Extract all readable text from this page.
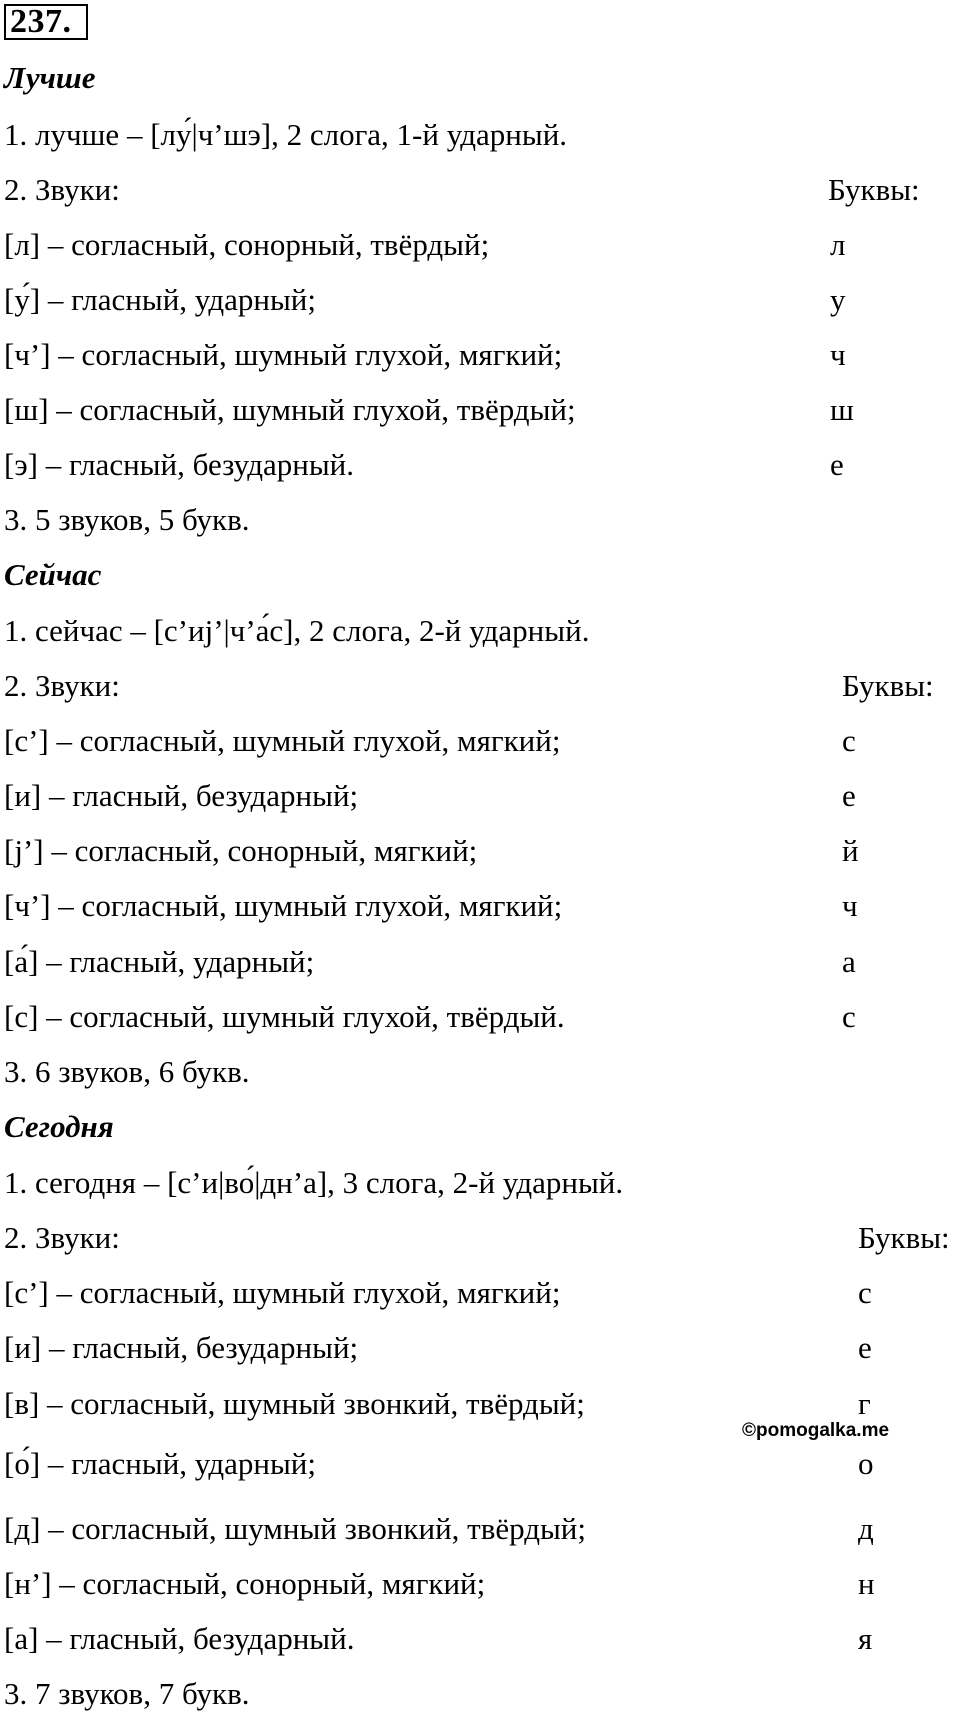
237.
Лучше
1. лучше – [лу́|ч’шэ], 2 слога, 1-й ударный.
2. Звуки:	Буквы:
[л] – согласный, сонорный, твёрдый;	л
[у́] – гласный, ударный;	у
[ч’] – согласный, шумный глухой, мягкий;	ч
[ш] – согласный, шумный глухой, твёрдый;	ш
[э] – гласный, безударный.	е
3. 5 звуков, 5 букв.
Сейчас
1. сейчас – [с’иj’|ч’а́с], 2 слога, 2-й ударный.
2. Звуки:	Буквы:
[с’] – согласный, шумный глухой, мягкий;	с
[и] – гласный, безударный;	е
[j’] – согласный, сонорный, мягкий;	й
[ч’] – согласный, шумный глухой, мягкий;	ч
[а́] – гласный, ударный;	а
[с] – согласный, шумный глухой, твёрдый.	с
3. 6 звуков, 6 букв.
Сегодня
1. сегодня – [с’и|во́|дн’а], 3 слога, 2-й ударный.
2. Звуки:	Буквы:
[с’] – согласный, шумный глухой, мягкий;	с
[и] – гласный, безударный;	е
[в] – согласный, шумный звонкий, твёрдый;	г
[о́] – гласный, ударный;	о
[д] – согласный, шумный звонкий, твёрдый;	д
[н’] – согласный, сонорный, мягкий;	н
[а] – гласный, безударный.	я
3. 7 звуков, 7 букв.
©pomogalka.me
